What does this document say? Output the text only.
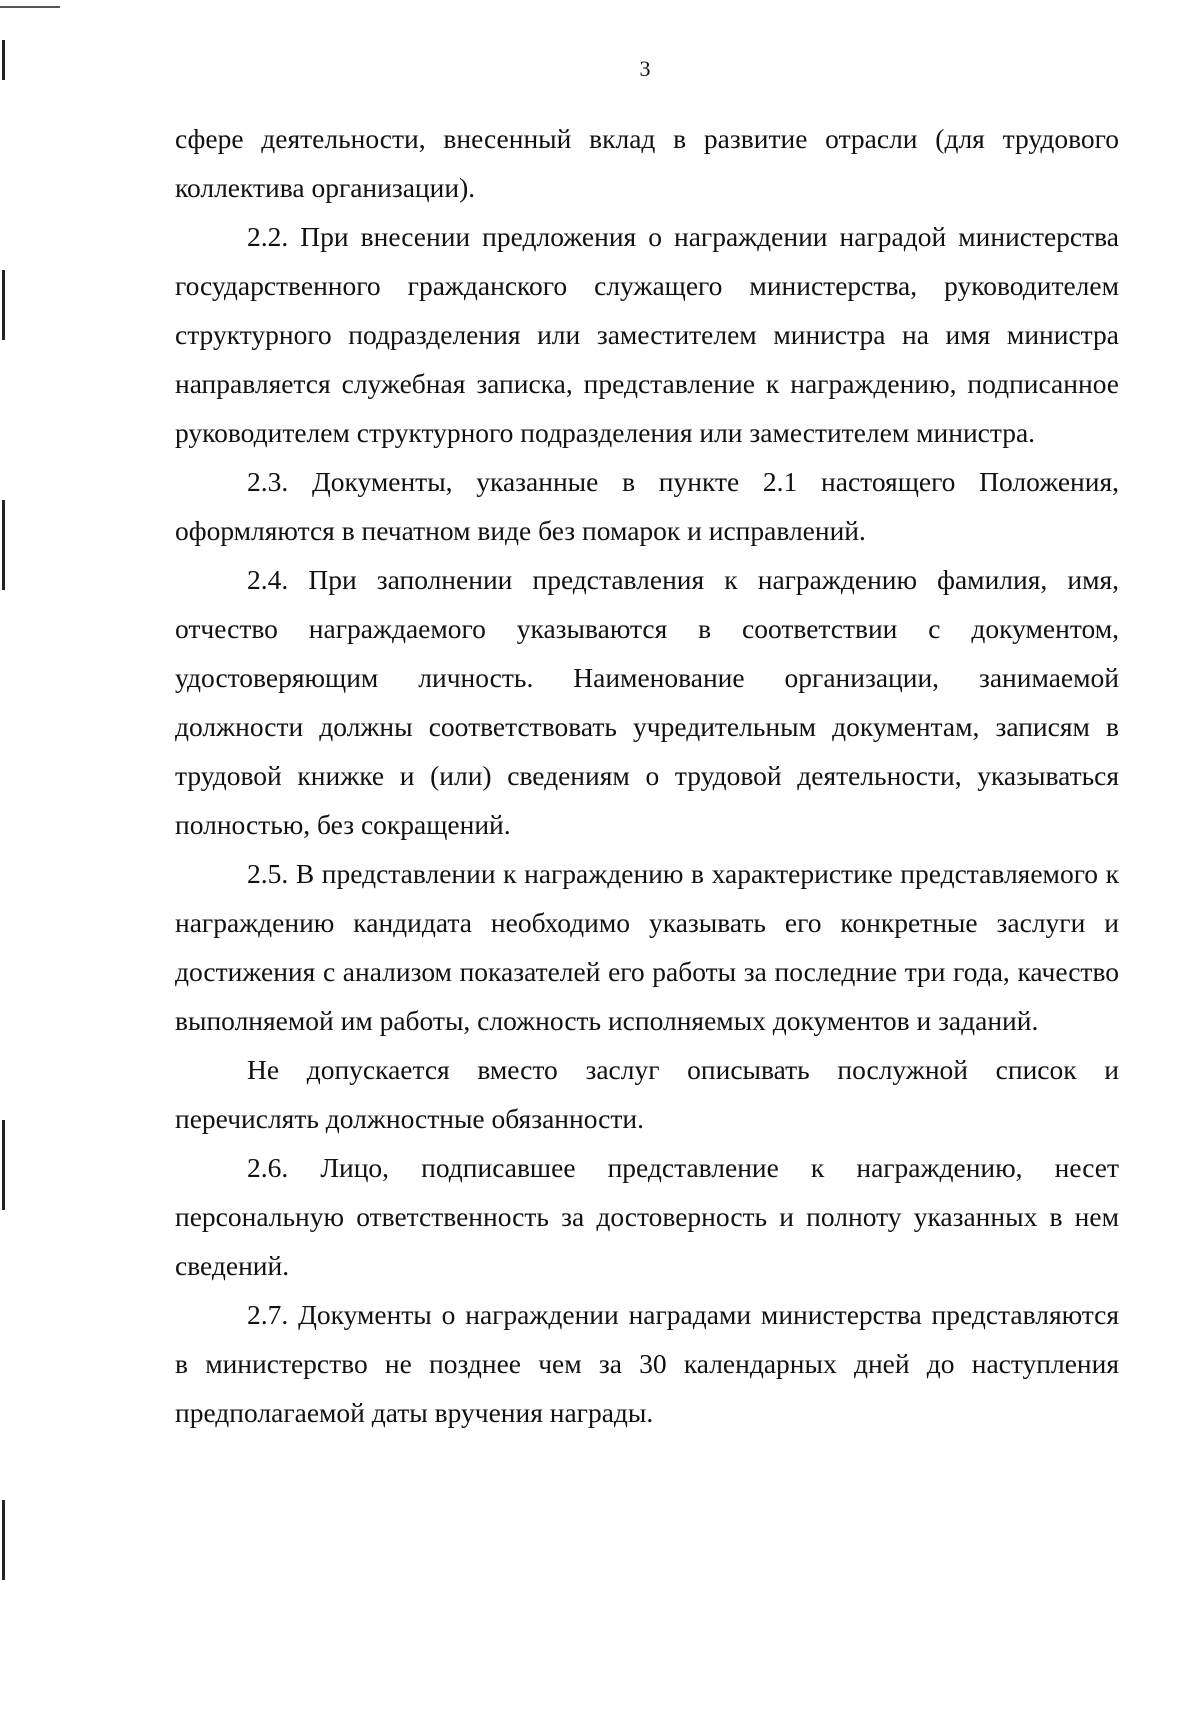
3

сфере деятельности, внесенный вклад в развитие отрасли (для трудового коллектива организации).

2.2. При внесении предложения о награждении наградой министерства государственного гражданского служащего министерства, руководителем структурного подразделения или заместителем министра на имя министра направляется служебная записка, представление к награждению, подписанное руководителем структурного подразделения или заместителем министра.

2.3. Документы, указанные в пункте 2.1 настоящего Положения, оформляются в печатном виде без помарок и исправлений.

2.4. При заполнении представления к награждению фамилия, имя, отчество награждаемого указываются в соответствии с документом, удостоверяющим личность. Наименование организации, занимаемой должности должны соответствовать учредительным документам, записям в трудовой книжке и (или) сведениям о трудовой деятельности, указываться полностью, без сокращений.

2.5. В представлении к награждению в характеристике представляемого к награждению кандидата необходимо указывать его конкретные заслуги и достижения с анализом показателей его работы за последние три года, качество выполняемой им работы, сложность исполняемых документов и заданий.

Не допускается вместо заслуг описывать послужной список и перечислять должностные обязанности.

2.6. Лицо, подписавшее представление к награждению, несет персональную ответственность за достоверность и полноту указанных в нем сведений.

2.7. Документы о награждении наградами министерства представляются в министерство не позднее чем за 30 календарных дней до наступления предполагаемой даты вручения награды.
